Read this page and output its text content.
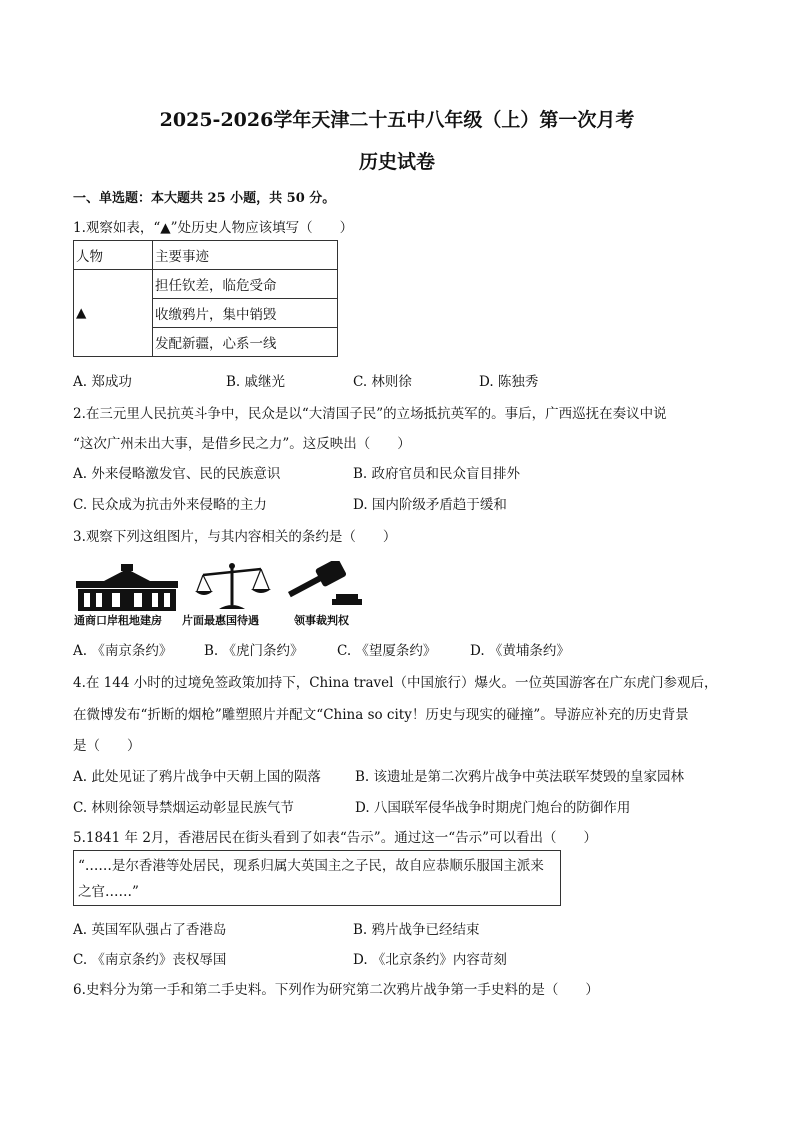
2025-2026学年天津二十五中八年级（上）第一次月考
历史试卷
一、单选题：本大题共 25 小题，共 50 分。
1.观察如表，“▲”处历史人物应该填写（　　）
人物	主要事迹
▲	担任钦差，临危受命
	收缴鸦片，集中销毁
	发配新疆，心系一线
A. 郑成功	B. 戚继光	C. 林则徐	D. 陈独秀
2.在三元里人民抗英斗争中，民众是以“大清国子民”的立场抵抗英军的。事后，广西巡抚在奏议中说
“这次广州未出大事，是借乡民之力”。这反映出（　　）
A. 外来侵略激发官、民的民族意识	B. 政府官员和民众盲目排外
C. 民众成为抗击外来侵略的主力	D. 国内阶级矛盾趋于缓和
3.观察下列这组图片，与其内容相关的条约是（　　）
通商口岸租地建房 片面最惠国待遇	领事裁判权
A. 《南京条约》 B. 《虎门条约》 C. 《望厦条约》 D. 《黄埔条约》
4.在 144 小时的过境免签政策加持下，China travel（中国旅行）爆火。一位英国游客在广东虎门参观后，
在微博发布“折断的烟枪”雕塑照片并配文“China so city！历史与现实的碰撞”。导游应补充的历史背景
是（　　）
A. 此处见证了鸦片战争中天朝上国的陨落	B. 该遗址是第二次鸦片战争中英法联军焚毁的皇家园林
C. 林则徐领导禁烟运动彰显民族气节	D. 八国联军侵华战争时期虎门炮台的防御作用
5.1841 年 2月，香港居民在街头看到了如表“告示”。通过这一“告示”可以看出（　　）
“……是尔香港等处居民，现系归属大英国主之子民，故自应恭顺乐服国主派来之官……”
A. 英国军队强占了香港岛	B. 鸦片战争已经结束
C. 《南京条约》丧权辱国	D. 《北京条约》内容苛刻
6.史料分为第一手和第二手史料。下列作为研究第二次鸦片战争第一手史料的是（　　）
